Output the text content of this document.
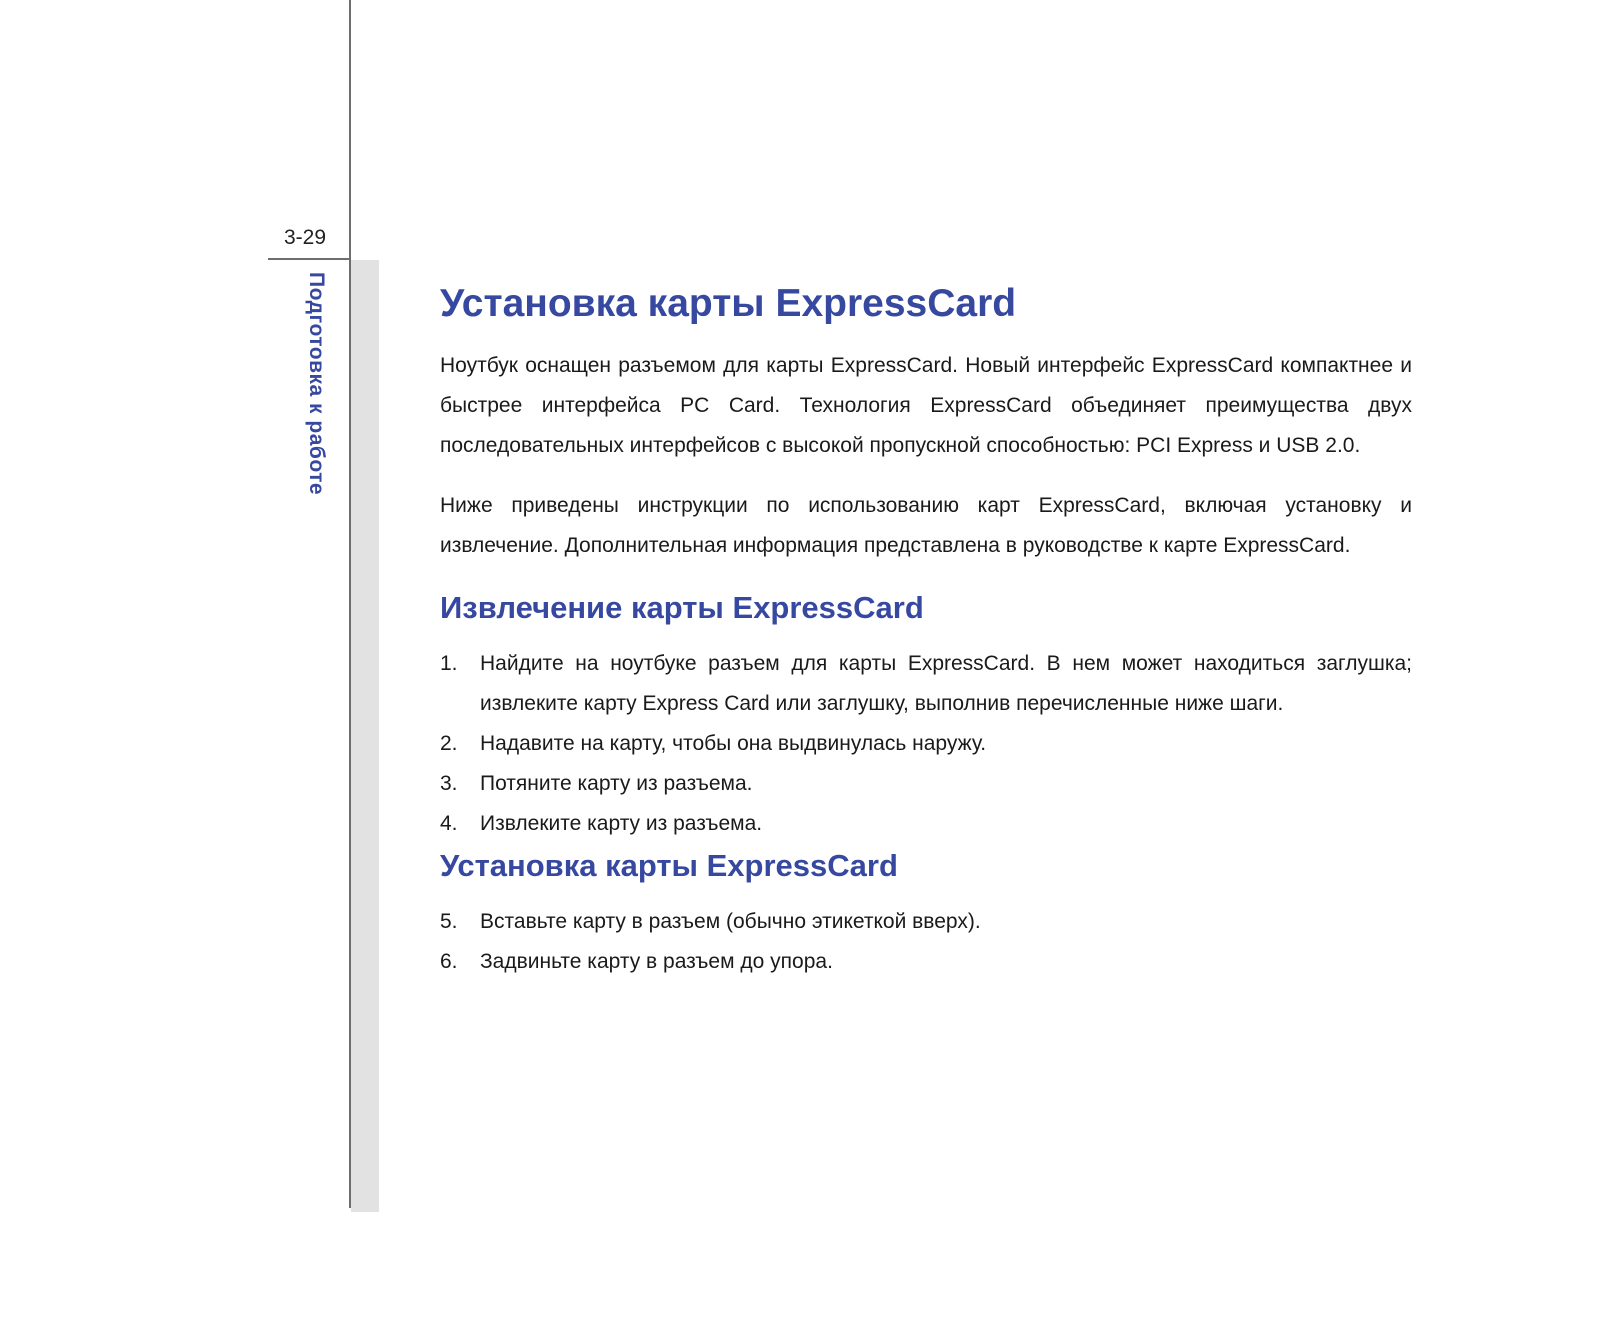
3-29
Подготовка к работе	Установка карты ExpressCard

Ноутбук оснащен разъемом для карты ExpressCard. Новый интерфейс ExpressCard компактнее и быстрее интерфейса PC Card. Технология ExpressCard объединяет преимущества двух последовательных интерфейсов с высокой пропускной способностью: PCI Express и USB 2.0.

Ниже приведены инструкции по использованию карт ExpressCard, включая установку и извлечение. Дополнительная информация представлена в руководстве к карте ExpressCard.

Извлечение карты ExpressCard
1. Найдите на ноутбуке разъем для карты ExpressCard. В нем может находиться заглушка; извлеките карту Express Card или заглушку, выполнив перечисленные ниже шаги.
2. Надавите на карту, чтобы она выдвинулась наружу.
3. Потяните карту из разъема.
4. Извлеките карту из разъема.
Установка карты ExpressCard
5. Вставьте карту в разъем (обычно этикеткой вверх).
6. Задвиньте карту в разъем до упора.
